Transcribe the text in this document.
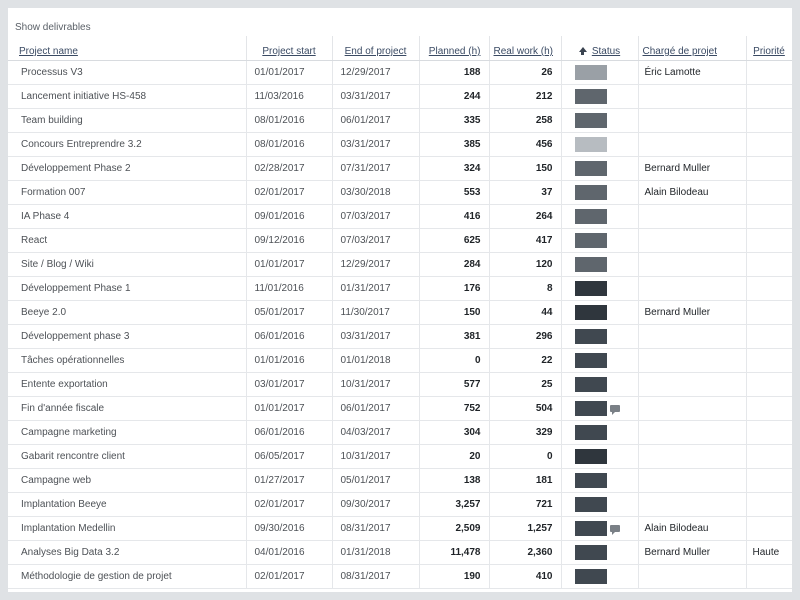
Show delivrables
Project name	Project start	End of project	Planned (h)	Real work (h)	Status	Chargé de projet	Priorité
Processus V3	01/01/2017	12/29/2017	188	26		Éric Lamotte	
Lancement initiative HS-458	11/03/2016	03/31/2017	244	212			
Team building	08/01/2016	06/01/2017	335	258			
Concours Entreprendre 3.2	08/01/2016	03/31/2017	385	456			
Développement Phase 2	02/28/2017	07/31/2017	324	150		Bernard Muller	
Formation 007	02/01/2017	03/30/2018	553	37		Alain Bilodeau	
IA Phase 4	09/01/2016	07/03/2017	416	264			
React	09/12/2016	07/03/2017	625	417			
Site / Blog / Wiki	01/01/2017	12/29/2017	284	120			
Développement Phase 1	11/01/2016	01/31/2017	176	8			
Beeye 2.0	05/01/2017	11/30/2017	150	44		Bernard Muller	
Développement phase 3	06/01/2016	03/31/2017	381	296			
Tâches opérationnelles	01/01/2016	01/01/2018	0	22			
Entente exportation	03/01/2017	10/31/2017	577	25			
Fin d'année fiscale	01/01/2017	06/01/2017	752	504			
Campagne marketing	06/01/2016	04/03/2017	304	329			
Gabarit rencontre client	06/05/2017	10/31/2017	20	0			
Campagne web	01/27/2017	05/01/2017	138	181			
Implantation Beeye	02/01/2017	09/30/2017	3,257	721			
Implantation Medellin	09/30/2016	08/31/2017	2,509	1,257		Alain Bilodeau	
Analyses Big Data 3.2	04/01/2016	01/31/2018	11,478	2,360		Bernard Muller	Haute
Méthodologie de gestion de projet	02/01/2017	08/31/2017	190	410			
